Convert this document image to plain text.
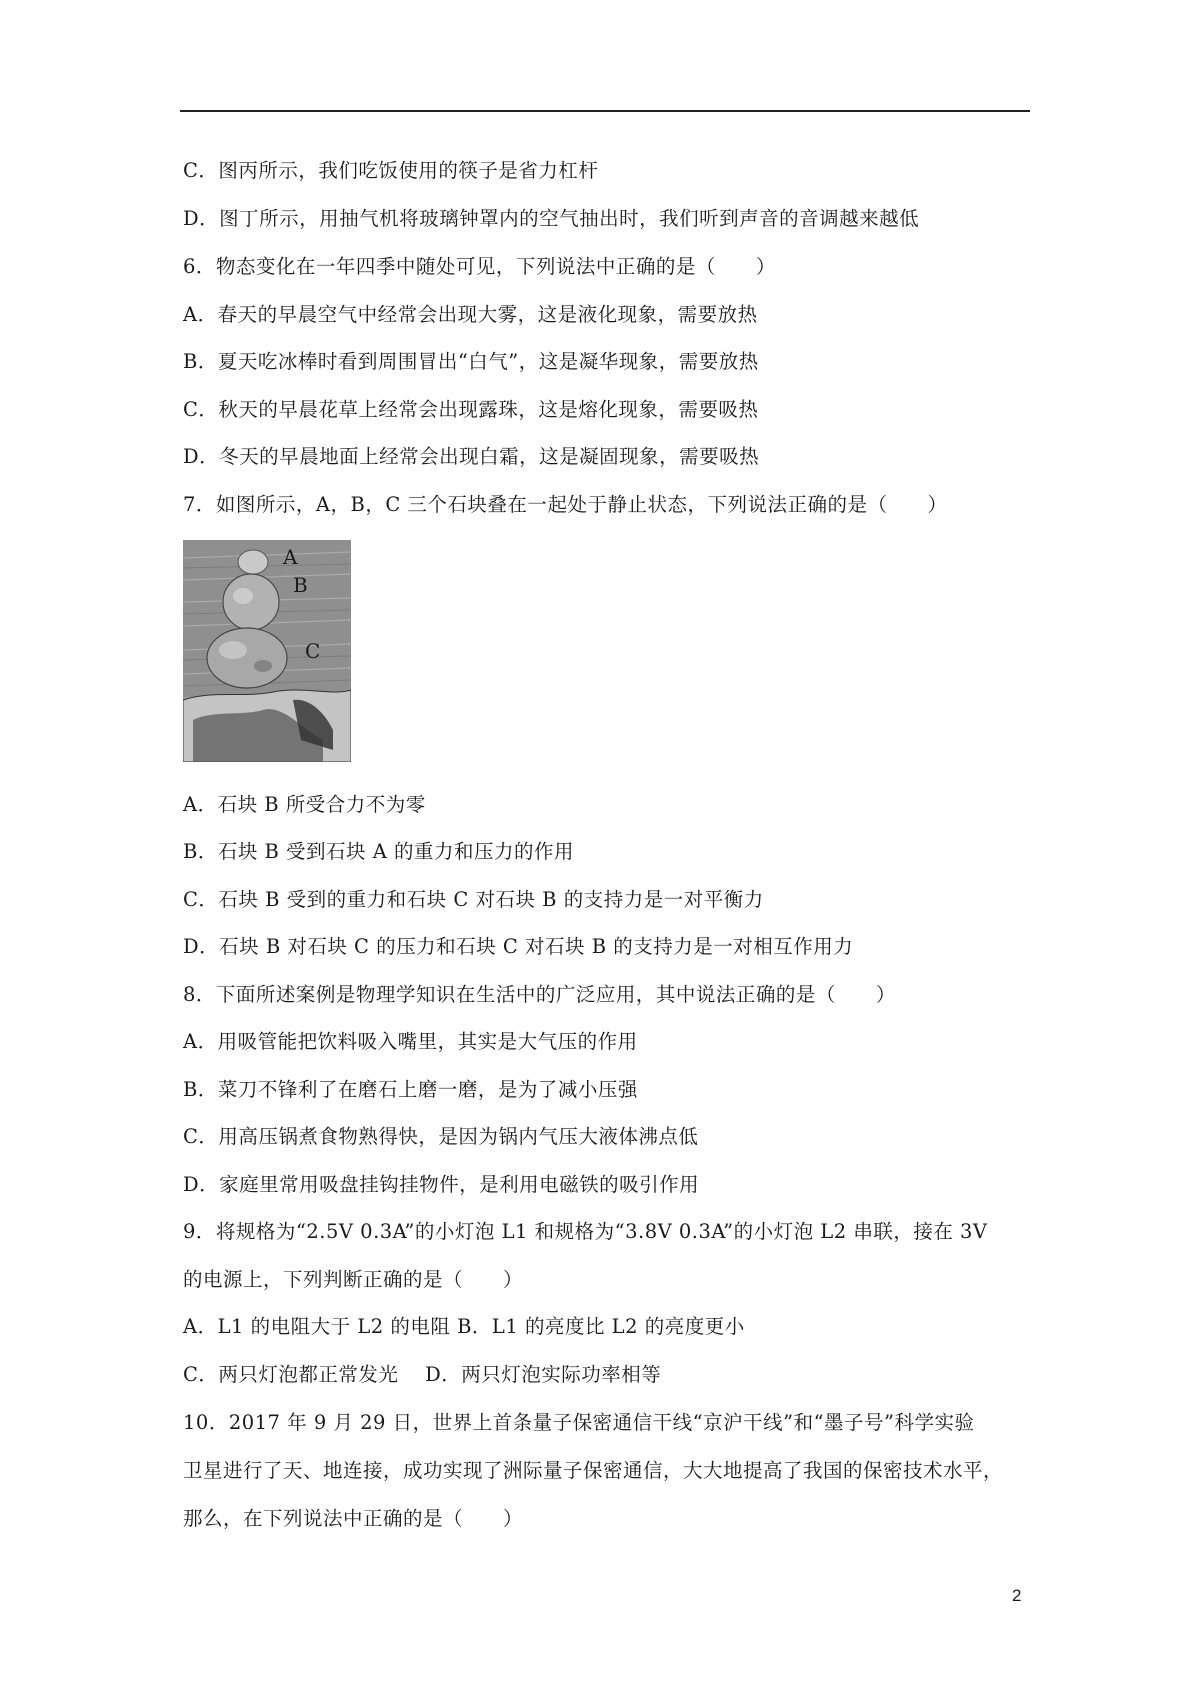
C．图丙所示，我们吃饭使用的筷子是省力杠杆
D．图丁所示，用抽气机将玻璃钟罩内的空气抽出时，我们听到声音的音调越来越低
6．物态变化在一年四季中随处可见，下列说法中正确的是（　　）
A．春天的早晨空气中经常会出现大雾，这是液化现象，需要放热
B．夏天吃冰棒时看到周围冒出“白气”，这是凝华现象，需要放热
C．秋天的早晨花草上经常会出现露珠，这是熔化现象，需要吸热
D．冬天的早晨地面上经常会出现白霜，这是凝固现象，需要吸热
7．如图所示，A，B，C 三个石块叠在一起处于静止状态，下列说法正确的是（　　）
A
B
C
A．石块 B 所受合力不为零
B．石块 B 受到石块 A 的重力和压力的作用
C．石块 B 受到的重力和石块 C 对石块 B 的支持力是一对平衡力
D．石块 B 对石块 C 的压力和石块 C 对石块 B 的支持力是一对相互作用力
8．下面所述案例是物理学知识在生活中的广泛应用，其中说法正确的是（　　）
A．用吸管能把饮料吸入嘴里，其实是大气压的作用
B．菜刀不锋利了在磨石上磨一磨，是为了减小压强
C．用高压锅煮食物熟得快，是因为锅内气压大液体沸点低
D．家庭里常用吸盘挂钩挂物件，是利用电磁铁的吸引作用
9．将规格为“2.5V 0.3A”的小灯泡 L1 和规格为“3.8V 0.3A”的小灯泡 L2 串联，接在 3V
的电源上，下列判断正确的是（　　）
A．L1 的电阻大于 L2 的电阻 B．L1 的亮度比 L2 的亮度更小
C．两只灯泡都正常发光　 D．两只灯泡实际功率相等
10．2017 年 9 月 29 日，世界上首条量子保密通信干线“京沪干线”和“墨子号”科学实验
卫星进行了天、地连接，成功实现了洲际量子保密通信，大大地提高了我国的保密技术水平，
那么，在下列说法中正确的是（　　）
2
